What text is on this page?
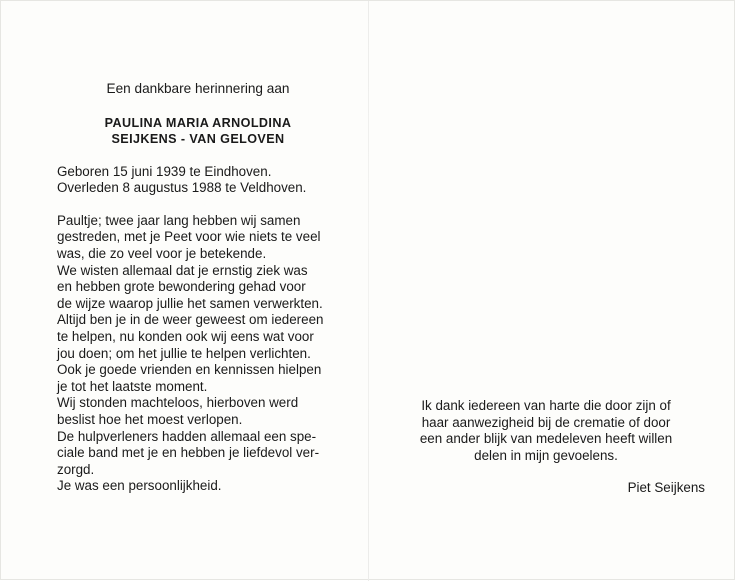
Een dankbare herinnering aan

PAULINA MARIA ARNOLDINA
SEIJKENS - VAN GELOVEN
Geboren 15 juni 1939 te Eindhoven.
Overleden 8 augustus 1988 te Veldhoven.

Paultje; twee jaar lang hebben wij samen
gestreden, met je Peet voor wie niets te veel
was, die zo veel voor je betekende.
We wisten allemaal dat je ernstig ziek was
en hebben grote bewondering gehad voor
de wijze waarop jullie het samen verwerkten.
Altijd ben je in de weer geweest om iedereen
te helpen, nu konden ook wij eens wat voor
jou doen; om het jullie te helpen verlichten.
Ook je goede vrienden en kennissen hielpen
je tot het laatste moment.
Wij stonden machteloos, hierboven werd
beslist hoe het moest verlopen.
De hulpverleners hadden allemaal een spe-
ciale band met je en hebben je liefdevol ver-
zorgd.
Je was een persoonlijkheid.

Ik dank iedereen van harte die door zijn of
haar aanwezigheid bij de crematie of door
een ander blijk van medeleven heeft willen
delen in mijn gevoelens.

Piet Seijkens
